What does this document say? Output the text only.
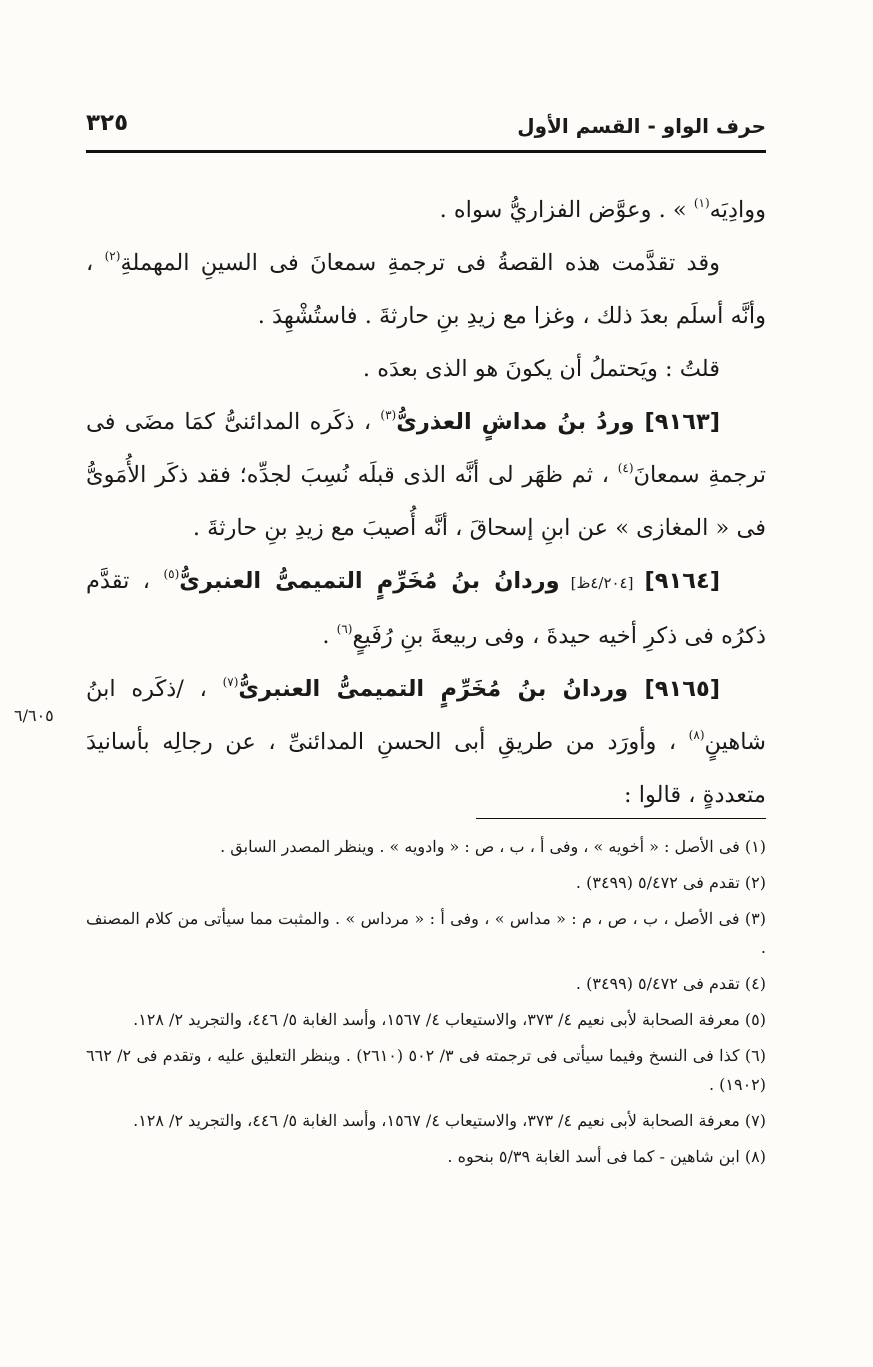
حرف الواو - القسم الأول
٣٢٥

ووادِيَه$^{(١)}$ » . وعوَّض الفزاريُّ سواه .

وقد تقدَّمت هذه القصةُ فى ترجمةِ سمعانَ فى السينِ المهملةِ$^{(٢)}$ ، وأنَّه أسلَم بعدَ ذلك ، وغزا مع زيدِ بنِ حارثةَ . فاستُشْهِدَ .

قلتُ : ويَحتملُ أن يكونَ هو الذى بعدَه .

[٩١٦٣] وردُ بنُ مداشٍ العذرىُّ$^{(٣)}$ ، ذكَره المدائنىُّ كمَا مضَى فى ترجمةِ سمعانَ$^{(٤)}$ ، ثم ظهَر لى أنَّه الذى قبلَه نُسِبَ لجدِّه؛ فقد ذكَر الأُمَوىُّ فى « المغازى » عن ابنِ إسحاقَ ، أنَّه أُصيبَ مع زيدِ بنِ حارثةَ .

[٩١٦٤] [٤/٢٠٤ظ] وردانُ بنُ مُخَرِّمٍ التميمىُّ العنبرىُّ$^{(٥)}$ ، تقدَّم ذكرُه فى ذكرِ أخيه حيدةَ ، وفى ربيعةَ بنِ رُفَيعٍ$^{(٦)}$ .

[٩١٦٥] وردانُ بنُ مُخَرِّمٍ التميمىُّ العنبرىُّ$^{(٧)}$ ، /ذكَره ابنُ شاهينٍ$^{(٨)}$ ، وأورَد من طريقِ أبى الحسنِ المدائنىِّ ، عن رجالِه بأسانيدَ متعددةٍ ، قالوا :

٦/٦٠٥

(١) فى الأصل : « أخويه » ، وفى أ ، ب ، ص : « وادويه » . وينظر المصدر السابق .

(٢) تقدم فى ٥/٤٧٢ (٣٤٩٩) .

(٣) فى الأصل ، ب ، ص ، م : « مداس » ، وفى أ : « مرداس » . والمثبت مما سيأتى من كلام المصنف .

(٤) تقدم فى ٥/٤٧٢ (٣٤٩٩) .

(٥) معرفة الصحابة لأبى نعيم ٤/ ٣٧٣، والاستيعاب ٤/ ١٥٦٧، وأسد الغابة ٥/ ٤٤٦، والتجريد ٢/ ١٢٨.

(٦) كذا فى النسخ وفيما سيأتى فى ترجمته فى ٣/ ٥٠٢ (٢٦١٠) . وينظر التعليق عليه ، وتقدم فى ٢/ ٦٦٢ (١٩٠٢) .

(٧) معرفة الصحابة لأبى نعيم ٤/ ٣٧٣، والاستيعاب ٤/ ١٥٦٧، وأسد الغابة ٥/ ٤٤٦، والتجريد ٢/ ١٢٨.

(٨) ابن شاهين - كما فى أسد الغابة ٥/٣٩ بنحوه .
